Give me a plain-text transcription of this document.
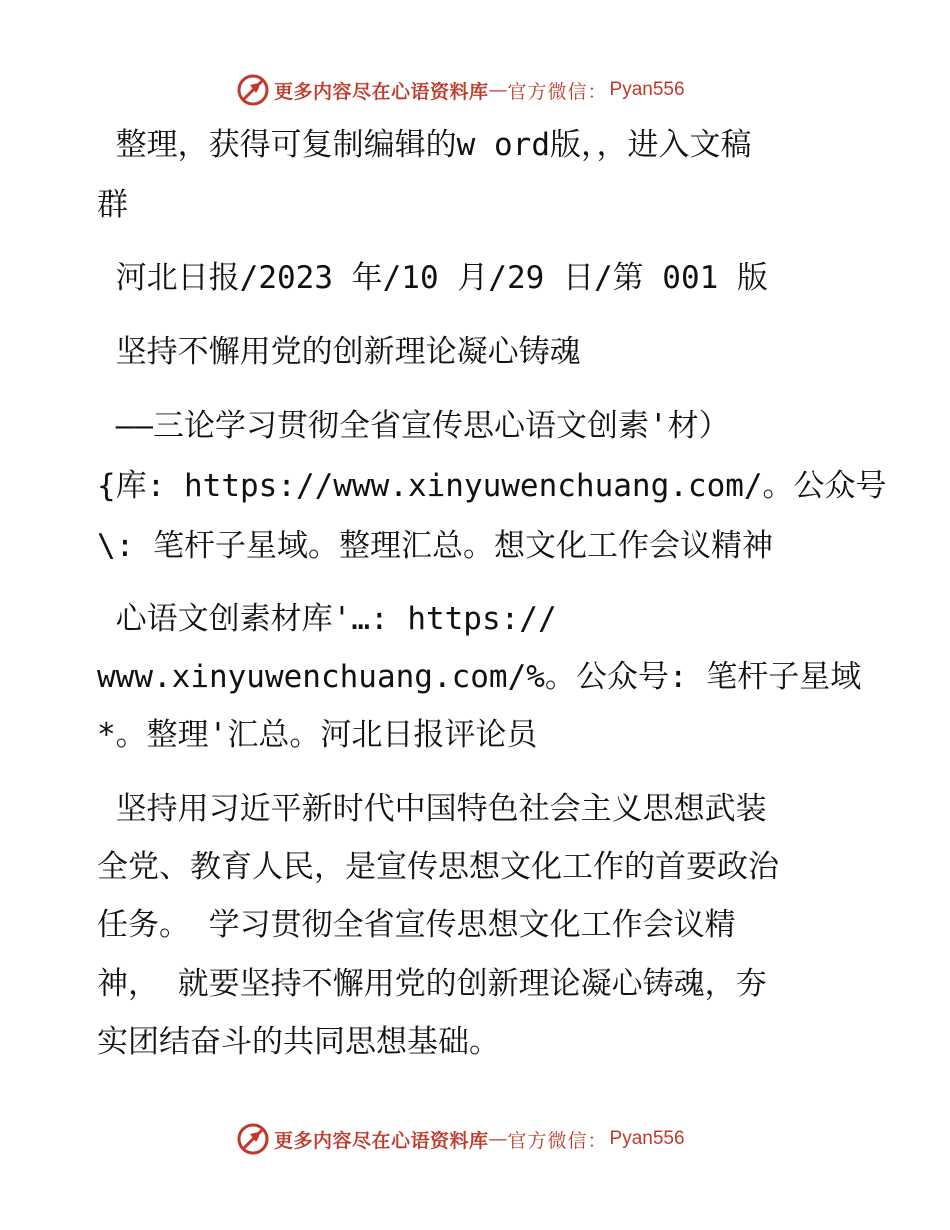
更多内容尽在心语资料库 — 官方微信： Pyan556
整理，获得可复制编辑的w ord版，，进入文稿
群
河北日报/2023 年/10 月/29 日/第 001 版
坚持不懈用党的创新理论凝心铸魂
——三论学习贯彻全省宣传思心语文创素'材）
{库: https://www.xinyuwenchuang.com/。公众号
\: 笔杆子星域。整理汇总。想文化工作会议精神
心语文创素材库'…: https://
www.xinyuwenchuang.com/%。公众号: 笔杆子星域
*。整理'汇总。河北日报评论员
坚持用习近平新时代中国特色社会主义思想武装
全党、教育人民，是宣传思想文化工作的首要政治
任务。 学习贯彻全省宣传思想文化工作会议精
神， 就要坚持不懈用党的创新理论凝心铸魂，夯
实团结奋斗的共同思想基础。
更多内容尽在心语资料库 — 官方微信： Pyan556
